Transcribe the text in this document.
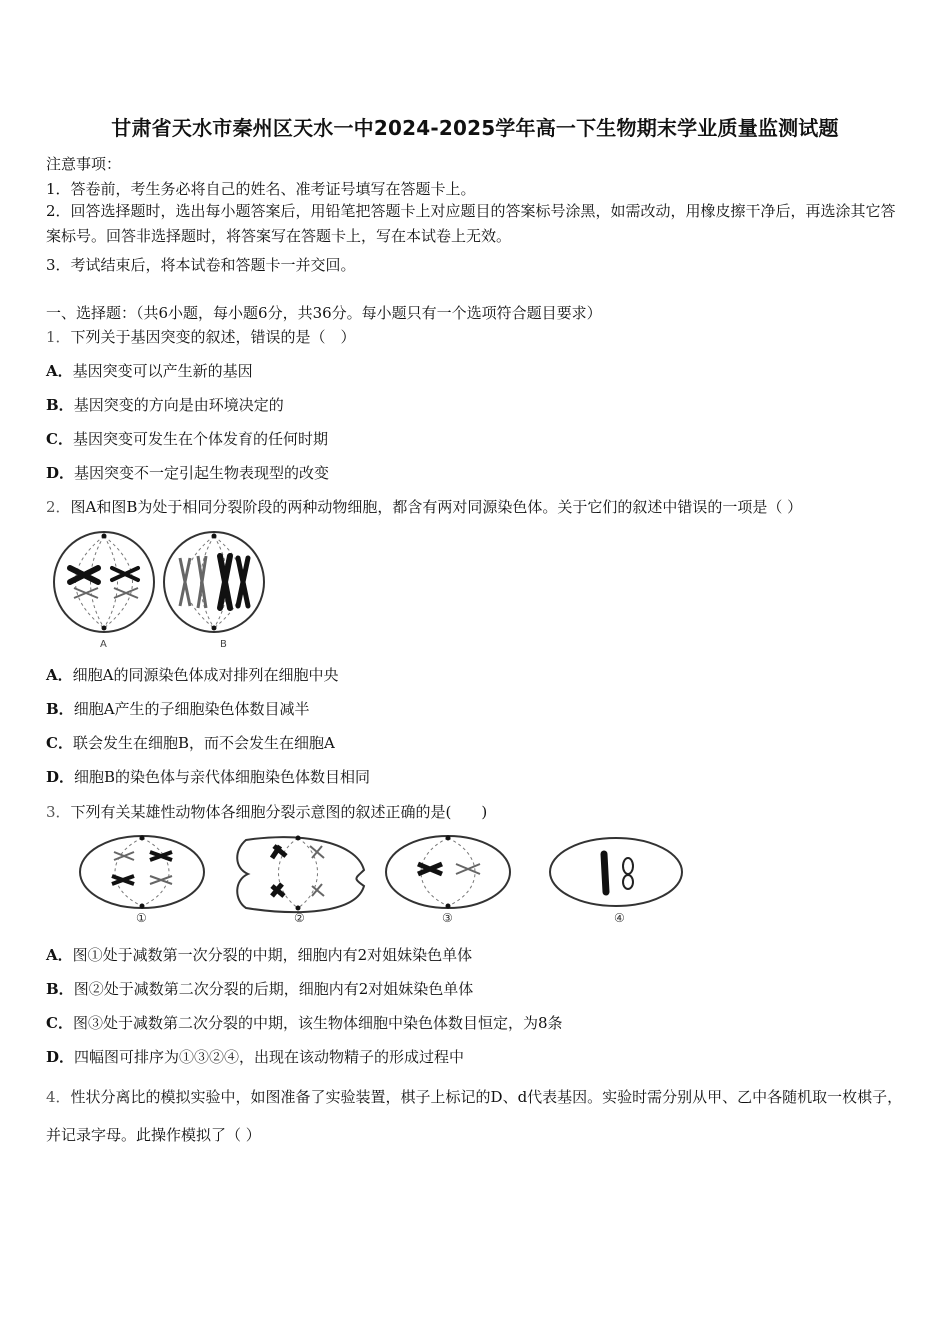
甘肃省天水市秦州区天水一中2024-2025学年高一下生物期末学业质量监测试题
注意事项：
1．答卷前，考生务必将自己的姓名、准考证号填写在答题卡上。
2．回答选择题时，选出每小题答案后，用铅笔把答题卡上对应题目的答案标号涂黑，如需改动，用橡皮擦干净后，再选涂其它答案标号。回答非选择题时，将答案写在答题卡上，写在本试卷上无效。
3．考试结束后，将本试卷和答题卡一并交回。
一、选择题：（共6小题，每小题6分，共36分。每小题只有一个选项符合题目要求）
1．下列关于基因突变的叙述，错误的是（　）
A．基因突变可以产生新的基因
B．基因突变的方向是由环境决定的
C．基因突变可发生在个体发育的任何时期
D．基因突变不一定引起生物表现型的改变
2．图A和图B为处于相同分裂阶段的两种动物细胞，都含有两对同源染色体。关于它们的叙述中错误的一项是（ ）
A	B
A．细胞A的同源染色体成对排列在细胞中央
B．细胞A产生的子细胞染色体数目减半
C．联会发生在细胞B，而不会发生在细胞A
D．细胞B的染色体与亲代体细胞染色体数目相同
3．下列有关某雄性动物体各细胞分裂示意图的叙述正确的是(　　)
①	②	③	④
A．图①处于减数第一次分裂的中期，细胞内有2对姐妹染色单体
B．图②处于减数第二次分裂的后期，细胞内有2对姐妹染色单体
C．图③处于减数第二次分裂的中期，该生物体细胞中染色体数目恒定，为8条
D．四幅图可排序为①③②④，出现在该动物精子的形成过程中
4．性状分离比的模拟实验中，如图准备了实验装置，棋子上标记的D、d代表基因。实验时需分别从甲、乙中各随机取一枚棋子，并记录字母。此操作模拟了（ ）
